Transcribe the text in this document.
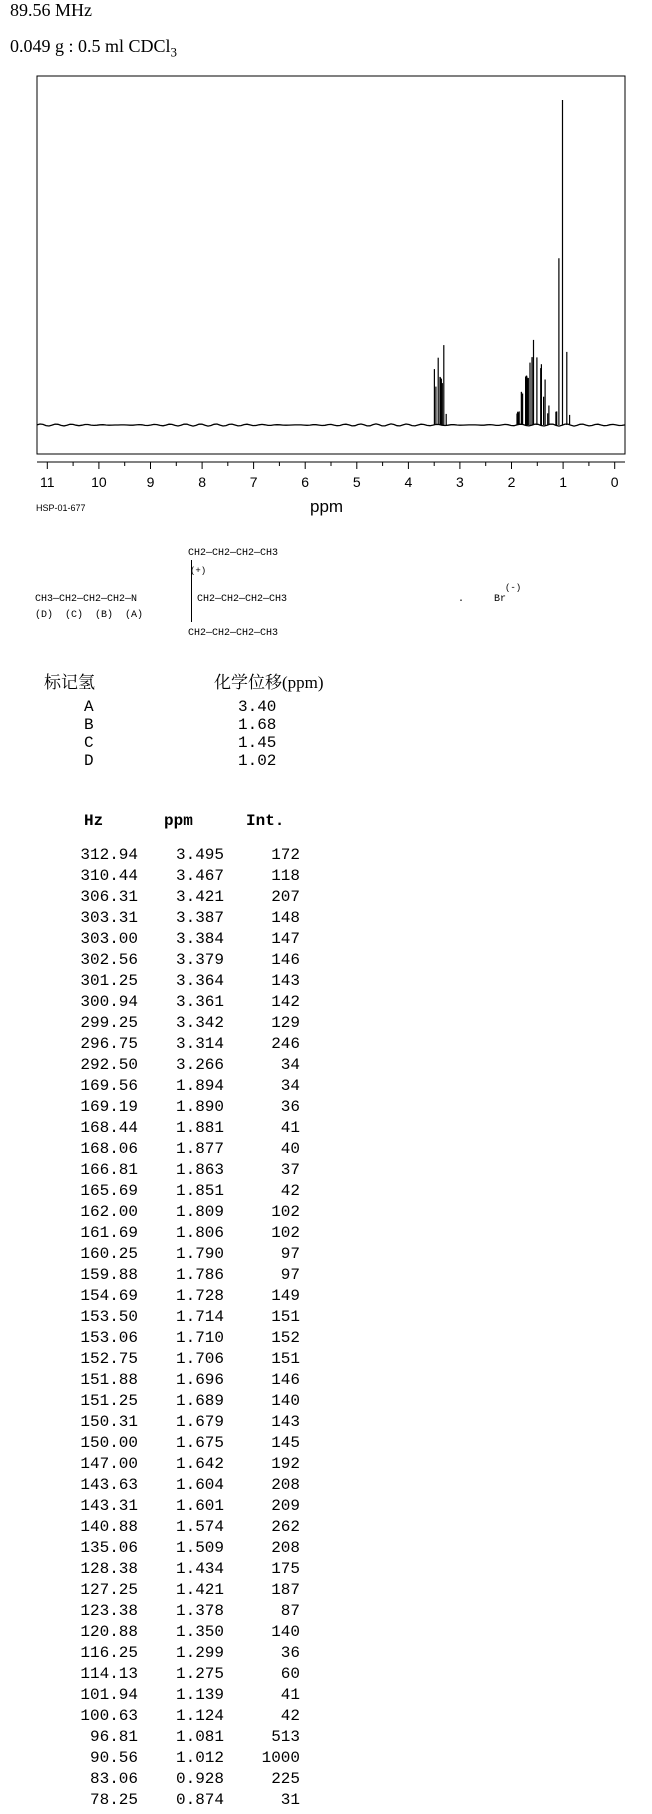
89.56 MHz
0.049 g : 0.5 ml CDCl$_3$
11	10	9	8	7	6	5	4	3	2	1	0
HSP-01-677	ppm
CH2—CH2—CH2—CH3
(+)
CH3—CH2—CH2—CH2—N	CH2—CH2—CH2—CH3
(D)  (C)  (B)  (A)
CH2—CH2—CH2—CH3
.	Br
(-)
标记氢	化学位移(ppm)
A	3.40
B	1.68
C	1.45
D	1.02
Hz	ppm	Int.
312.94 3.495	172
310.44 3.467	118
306.31 3.421	207
303.31 3.387	148
303.00 3.384	147
302.56 3.379	146
301.25 3.364	143
300.94 3.361	142
299.25 3.342	129
296.75 3.314	246
292.50 3.266	34
169.56 1.894	34
169.19 1.890	36
168.44 1.881	41
168.06 1.877	40
166.81 1.863	37
165.69 1.851	42
162.00 1.809	102
161.69 1.806	102
160.25 1.790	97
159.88 1.786	97
154.69 1.728	149
153.50 1.714	151
153.06 1.710	152
152.75 1.706	151
151.88 1.696	146
151.25 1.689	140
150.31 1.679	143
150.00 1.675	145
147.00 1.642	192
143.63 1.604	208
143.31 1.601	209
140.88 1.574	262
135.06 1.509	208
128.38 1.434	175
127.25 1.421	187
123.38 1.378	87
120.88 1.350	140
116.25 1.299	36
114.13 1.275	60
101.94 1.139	41
100.63 1.124	42
96.81 1.081	513
90.56 1.012 1000
83.06 0.928	225
78.25 0.874	31
